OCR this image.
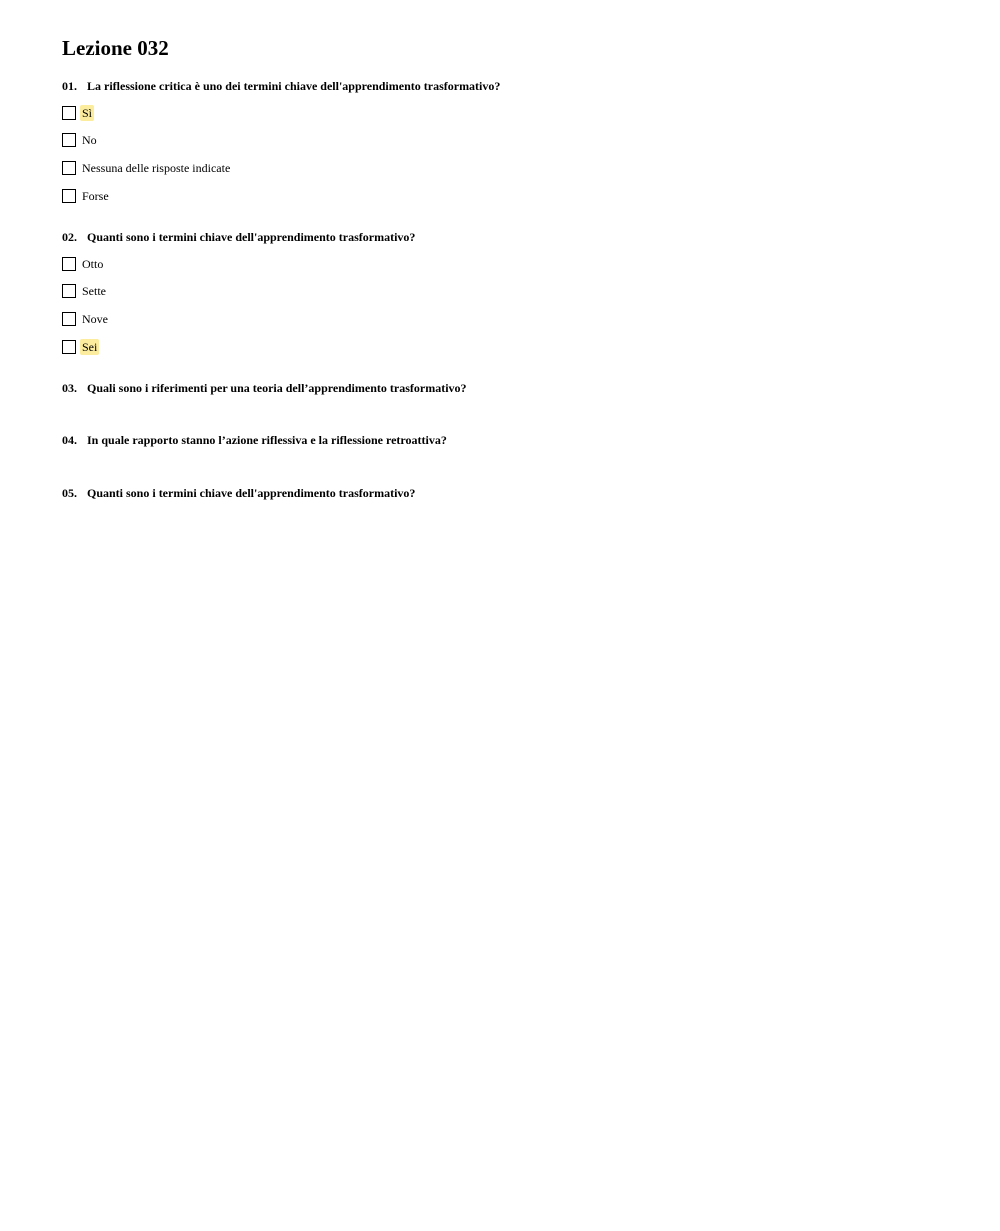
Lezione 032
01. La riflessione critica è uno dei termini chiave dell'apprendimento trasformativo?
Sì
No
Nessuna delle risposte indicate
Forse
02. Quanti sono i termini chiave dell'apprendimento trasformativo?
Otto
Sette
Nove
Sei
03. Quali sono i riferimenti per una teoria dell’apprendimento trasformativo?
04. In quale rapporto stanno l’azione riflessiva e la riflessione retroattiva?
05. Quanti sono i termini chiave dell'apprendimento trasformativo?
